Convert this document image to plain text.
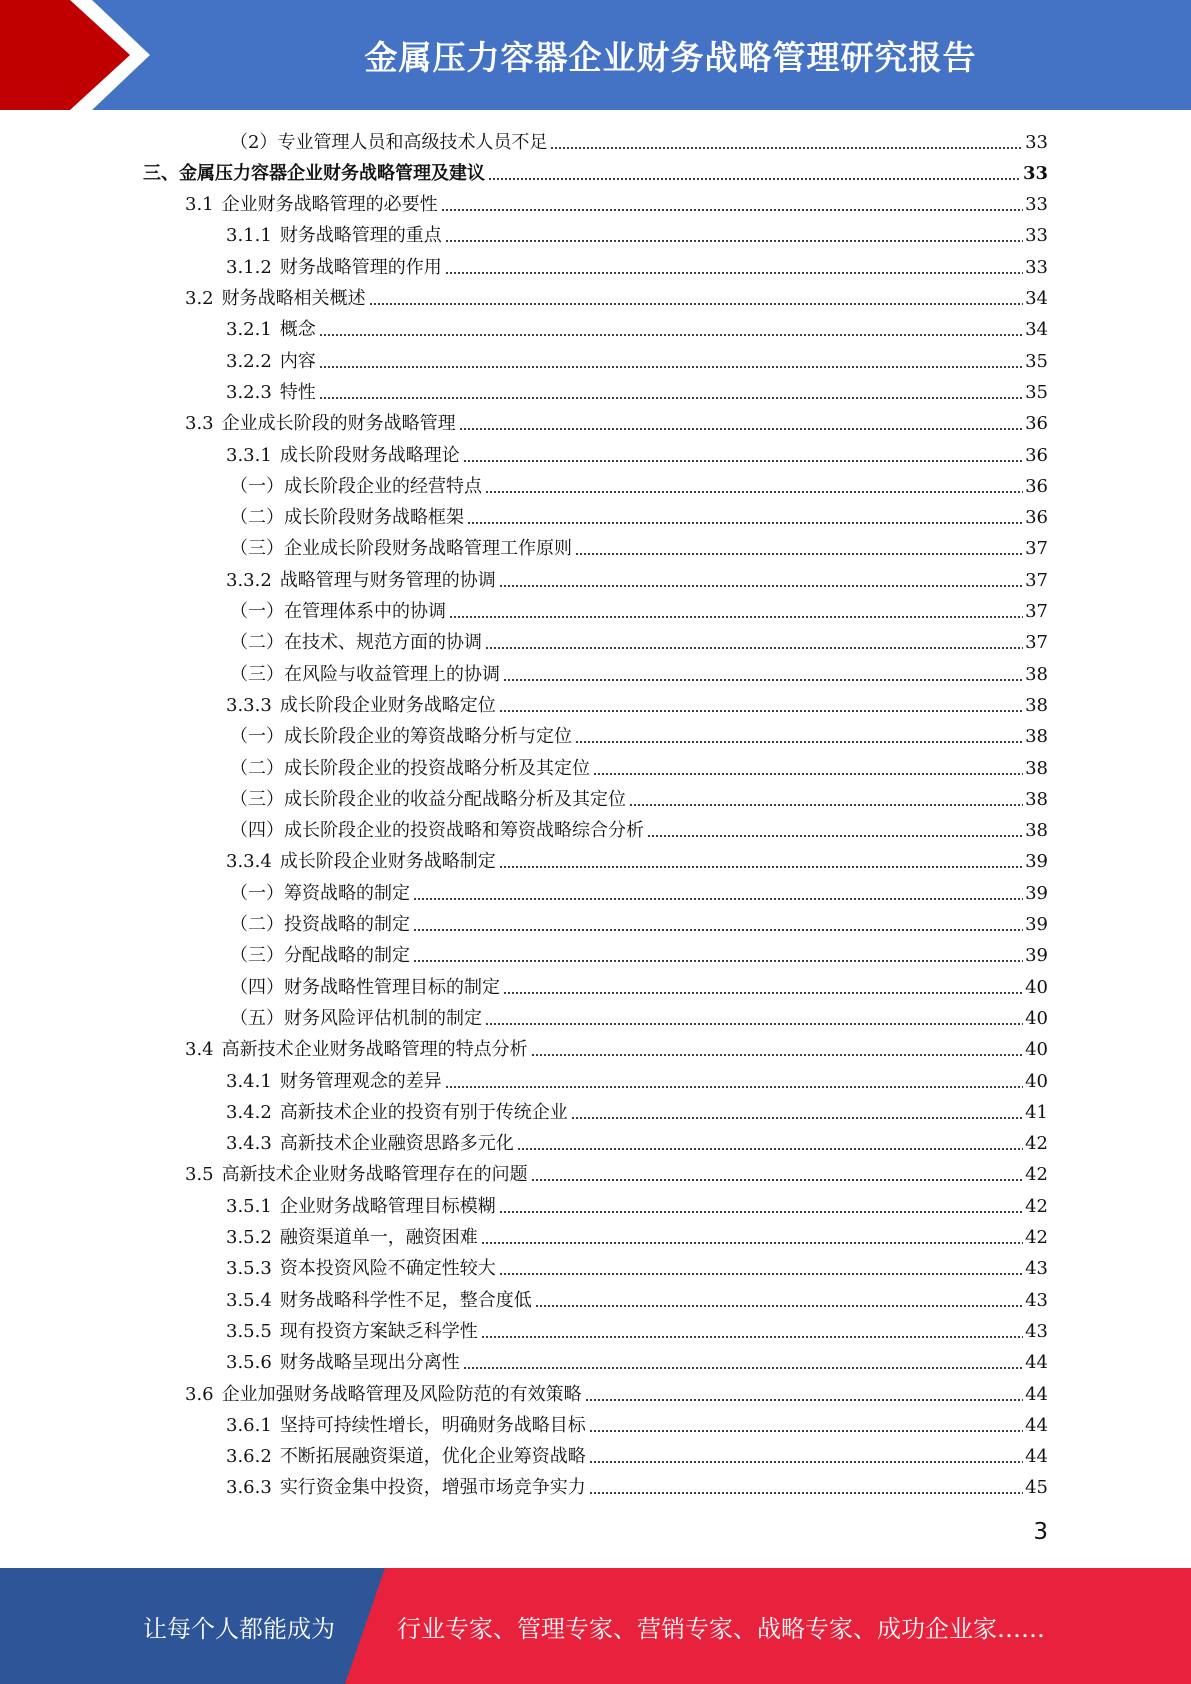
金属压力容器企业财务战略管理研究报告
（2）专业管理人员和高级技术人员不足	33
三、金属压力容器企业财务战略管理及建议	33
3.1 企业财务战略管理的必要性	33
3.1.1 财务战略管理的重点	33
3.1.2 财务战略管理的作用	33
3.2 财务战略相关概述	34
3.2.1 概念	34
3.2.2 内容	35
3.2.3 特性	35
3.3 企业成长阶段的财务战略管理	36
3.3.1 成长阶段财务战略理论	36
（一）成长阶段企业的经营特点	36
（二）成长阶段财务战略框架	36
（三）企业成长阶段财务战略管理工作原则	37
3.3.2 战略管理与财务管理的协调	37
（一）在管理体系中的协调	37
（二）在技术、规范方面的协调	37
（三）在风险与收益管理上的协调	38
3.3.3 成长阶段企业财务战略定位	38
（一）成长阶段企业的筹资战略分析与定位	38
（二）成长阶段企业的投资战略分析及其定位	38
（三）成长阶段企业的收益分配战略分析及其定位	38
（四）成长阶段企业的投资战略和筹资战略综合分析	38
3.3.4 成长阶段企业财务战略制定	39
（一）筹资战略的制定	39
（二）投资战略的制定	39
（三）分配战略的制定	39
（四）财务战略性管理目标的制定	40
（五）财务风险评估机制的制定	40
3.4 高新技术企业财务战略管理的特点分析	40
3.4.1 财务管理观念的差异	40
3.4.2 高新技术企业的投资有别于传统企业	41
3.4.3 高新技术企业融资思路多元化	42
3.5 高新技术企业财务战略管理存在的问题	42
3.5.1 企业财务战略管理目标模糊	42
3.5.2 融资渠道单一，融资困难	42
3.5.3 资本投资风险不确定性较大	43
3.5.4 财务战略科学性不足，整合度低	43
3.5.5 现有投资方案缺乏科学性	43
3.5.6 财务战略呈现出分离性	44
3.6 企业加强财务战略管理及风险防范的有效策略	44
3.6.1 坚持可持续性增长，明确财务战略目标	44
3.6.2 不断拓展融资渠道，优化企业筹资战略	44
3.6.3 实行资金集中投资，增强市场竞争实力	45
3
让每个人都能成为	行业专家、管理专家、营销专家、战略专家、成功企业家……
